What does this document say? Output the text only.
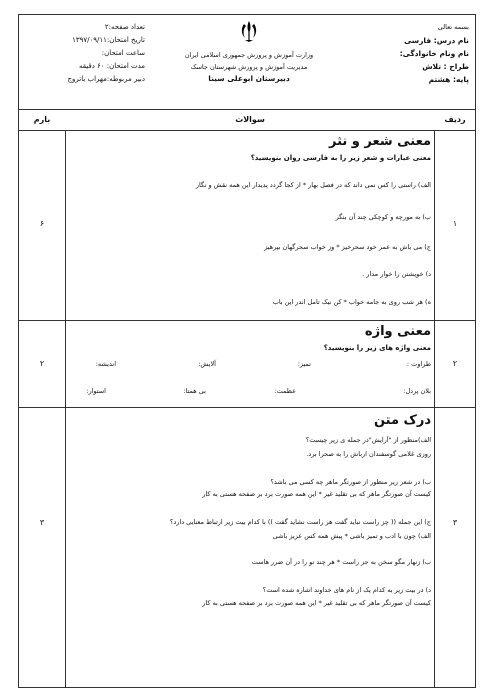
بسمه تعالی
نام درس: فارسی
نام ونام خانوادگی:
طراح : تلاش
پایه: هشتم
وزارت آموزش و پرورش جمهوری اسلامی ایران
مدیریت آموزش و پرورش شهرستان جاسک
دبیرستان ابوعلی سینا
تعداد صفحه:۲
تاریخ امتحان:۱۳۹۷/۰۹/۱۱
ساعت امتحان:
مدت امتحان: ۶۰ دقیقه
دبیر مربوطه:مهراب باتروج
ردیف
سوالات
بارم
۱
۶
معنی شعر و نثر
معنی عبارات و شعر زیر را به فارسی روان بنویسید؟
الف) راستی را کس نمی داند که در فصل بهار * از کجا گردد پدیدار این همه نقش و نگار
ب) به مورچه و کوچکی چند آن بنگر
ج) می باش به عمر خود سحرخیز * وز خواب سحرگهان بپرهیز
د) خویشتن را خوار مدار .
ه) هر شب روی به جامه خواب * کن نیک تامل اندر این باب
۲
۲
معنی واژه
معنی واژه های زیر را بنویسید؟
طراوت :
تمیز:
آلایش:
اندیشه:
بلان پردل:
عظمت:
بی همتا:
استوار:
۳
۳
درک متن
الف)منظور از "آرایش"در جمله ی زیر چیست؟
روزی غلامی گوسفندان ارباش را به صحرا برد.
ب) در شعر زیر منظور از صورتگر ماهر چه کسی می باشد؟
کیست آن صورتگر ماهر که بی تقلید غیر * این همه صورت برد بر صفحه هستی به کار
ج) این جمله (( چز راست نباید گفت هر راست نشاید گفت )) با کدام بیت زیر ارتباط معنایی دارد؟
الف) چون با ادب و تمیز باشی * پیش همه کس عزیز باشی
ب) زنهار مگو سخن به جز راست * هر چند تو را در آن ضرر هاست
د) در بیت زیر به کدام یک از نام های خداوند اشاره شده است؟
کیست آن صورتگر ماهر که بی تقلید غیر * این همه صورت برد بر صفحه هستی به کار
